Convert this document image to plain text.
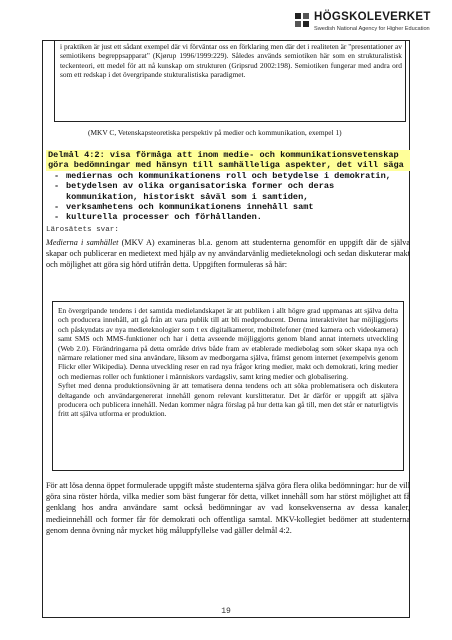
HÖGSKOLEVERKET
Swedish National Agency for Higher Education
i praktiken är just ett sådant exempel där vi förväntar oss en förklaring men där det i realiteten är "presentationer av semiotikens begreppsapparat" (Kjørup 1996/1999:229). Således används semiotiken här som en strukturalistisk teckenteori, ett medel för att nå kunskap om strukturen (Gripsrud 2002:198). Semiotiken fungerar med andra ord som ett redskap i det övergripande stukturalistiska paradigmet.
(MKV C, Vetenskapsteoretiska perspektiv på medier och kommunikation, exempel 1)
Delmål 4:2: visa förmåga att inom medie- och kommunikationsvetenskap göra bedömningar med hänsyn till samhälleliga aspekter, det vill säga
- mediernas och kommunikationens roll och betydelse i demokratin,
- betydelsen av olika organisatoriska former och deras kommunikation, historiskt såväl som i samtiden,
- verksamhetens och kommunikationens innehåll samt
- kulturella processer och förhållanden.
Lärosätets svar:
Medierna i samhället (MKV A) examineras bl.a. genom att studenterna genomför en uppgift där de själva skapar och publicerar en medietext med hjälp av ny användarvänlig medieteknologi och sedan diskuterar makt och möjlighet att göra sig hörd utifrån detta. Uppgiften formuleras så här:

En övergripande tendens i det samtida medielandskapet är att publiken i allt högre grad uppmanas att själva delta och producera innehåll, att gå från att vara publik till att bli medproducent. Denna interaktivitet har möjliggjorts och påskyndats av nya medieteknologier som t ex digitalkameror, mobiltelefoner (med kamera och videokamera) samt SMS och MMS-funktioner och har i detta avseende möjliggjorts genom bland annat internets utveckling (Web 2.0). Förändringarna på detta område drivs både fram av etablerade mediebolag som söker skapa nya och närmare relationer med sina användare, liksom av medborgarna själva, främst genom internet (exempelvis genom Flickr eller Wikipedia). Denna utveckling reser en rad nya frågor kring medier, makt och demokrati, kring medier och mediernas roller och funktioner i människors vardagsliv, samt kring medier och globalisering.

Syftet med denna produktionsövning är att tematisera denna tendens och att söka problematisera och diskutera deltagande och användargenererat innehåll genom relevant kurslitteratur. Det är därför er uppgift att själva producera och publicera innehåll. Nedan kommer några förslag på hur detta kan gå till, men det står er naturligtvis fritt att själva utforma er produktion.

För att lösa denna öppet formulerade uppgift måste studenterna själva göra flera olika bedömningar: hur de vill göra sina röster hörda, vilka medier som bäst fungerar för detta, vilket innehåll som har störst möjlighet att få genklang hos andra användare samt också bedömningar av vad konsekvenserna av dessa kanaler, medieinnehåll och former får för demokrati och offentliga samtal. MKV-kollegiet bedömer att studenterna genom denna övning når mycket hög måluppfyllelse vad gäller delmål 4:2.
19
